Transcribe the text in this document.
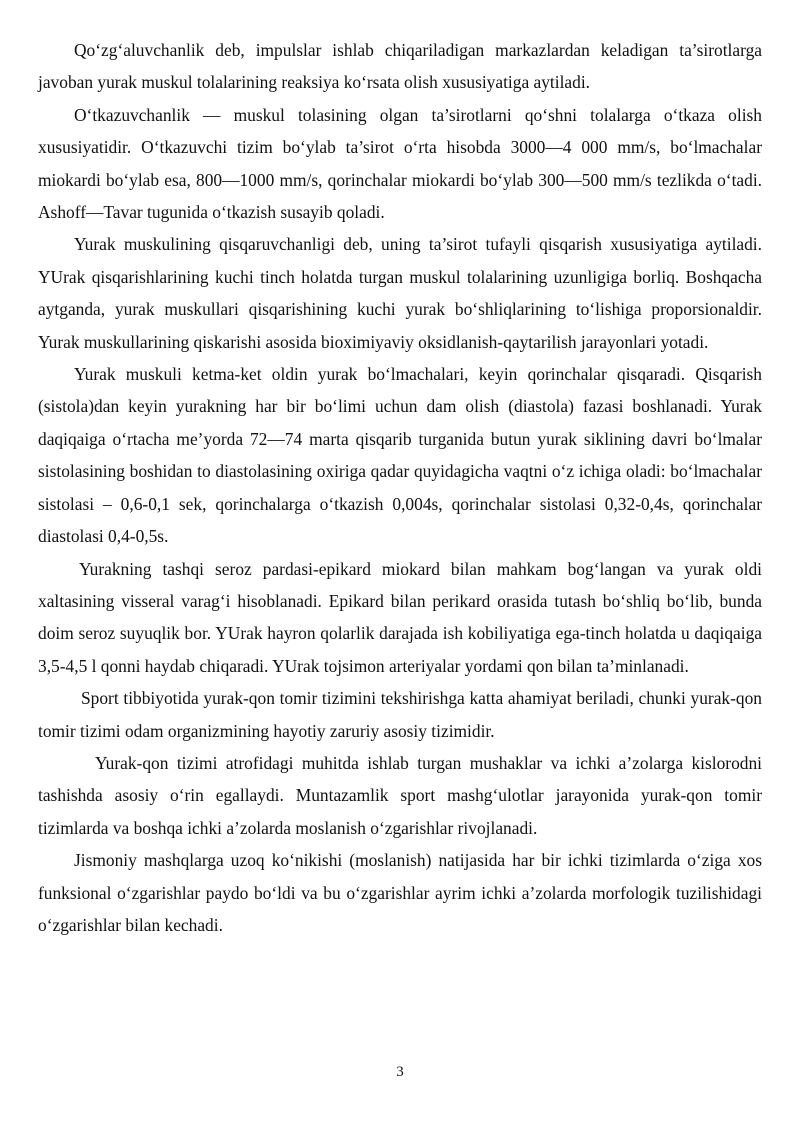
Qo‘zg‘aluvchanlik deb, impulslar ishlab chiqariladigan markazlardan keladigan ta’sirotlarga javoban yurak muskul tolalarining reaksiya ko‘rsata olish xususiyatiga aytiladi.

O‘tkazuvchanlik — muskul tolasining olgan ta’sirotlarni qo‘shni tolalarga o‘tkaza olish xususiyatidir. O‘tkazuvchi tizim bo‘ylab ta’sirot o‘rta hisobda 3000—4 000 mm/s, bo‘lmachalar miokardi bo‘ylab esa, 800—1000 mm/s, qorinchalar miokardi bo‘ylab 300—500 mm/s tezlikda o‘tadi. Ashoff—Tavar tugunida o‘tkazish susayib qoladi.

Yurak muskulining qisqaruvchanligi deb, uning ta’sirot tufayli qisqarish xususiyatiga aytiladi. YUrak qisqarishlarining kuchi tinch holatda turgan muskul tolalarining uzunligiga borliq. Boshqacha aytganda, yurak muskullari qisqarishining kuchi yurak bo‘shliqlarining to‘lishiga proporsionaldir. Yurak muskullarining qiskarishi asosida bioximiyaviy oksidlanish-qaytarilish jarayonlari yotadi.

Yurak muskuli ketma-ket oldin yurak bo‘lmachalari, keyin qorinchalar qisqaradi. Qisqarish (sistola)dan keyin yurakning har bir bo‘limi uchun dam olish (diastola) fazasi boshlanadi. Yurak daqiqaiga o‘rtacha me’yorda 72—74 marta qisqarib turganida butun yurak siklining davri bo‘lmalar sistolasining boshidan to diastolasining oxiriga qadar quyidagicha vaqtni o‘z ichiga oladi: bo‘lmachalar sistolasi – 0,6-0,1 sek, qorinchalarga o‘tkazish 0,004s, qorinchalar sistolasi 0,32-0,4s, qorinchalar diastolasi 0,4-0,5s.

Yurakning tashqi seroz pardasi-epikard miokard bilan mahkam bog‘langan va yurak oldi xaltasining visseral varag‘i hisoblanadi. Epikard bilan perikard orasida tutash bo‘shliq bo‘lib, bunda doim seroz suyuqlik bor. YUrak hayron qolarlik darajada ish kobiliyatiga ega-tinch holatda u daqiqaiga 3,5-4,5 l qonni haydab chiqaradi. YUrak tojsimon arteriyalar yordami qon bilan ta’minlanadi.

Sport tibbiyotida yurak-qon tomir tizimini tekshirishga katta ahamiyat beriladi, chunki yurak-qon tomir tizimi odam organizmining hayotiy zaruriy asosiy tizimidir.

Yurak-qon tizimi atrofidagi muhitda ishlab turgan mushaklar va ichki a’zolarga kislorodni tashishda asosiy o‘rin egallaydi. Muntazamlik sport mashg‘ulotlar jarayonida yurak-qon tomir tizimlarda va boshqa ichki a’zolarda moslanish o‘zgarishlar rivojlanadi.

Jismoniy mashqlarga uzoq ko‘nikishi (moslanish) natijasida har bir ichki tizimlarda o‘ziga xos funksional o‘zgarishlar paydo bo‘ldi va bu o‘zgarishlar ayrim ichki a’zolarda morfologik tuzilishidagi o‘zgarishlar bilan kechadi.

3
